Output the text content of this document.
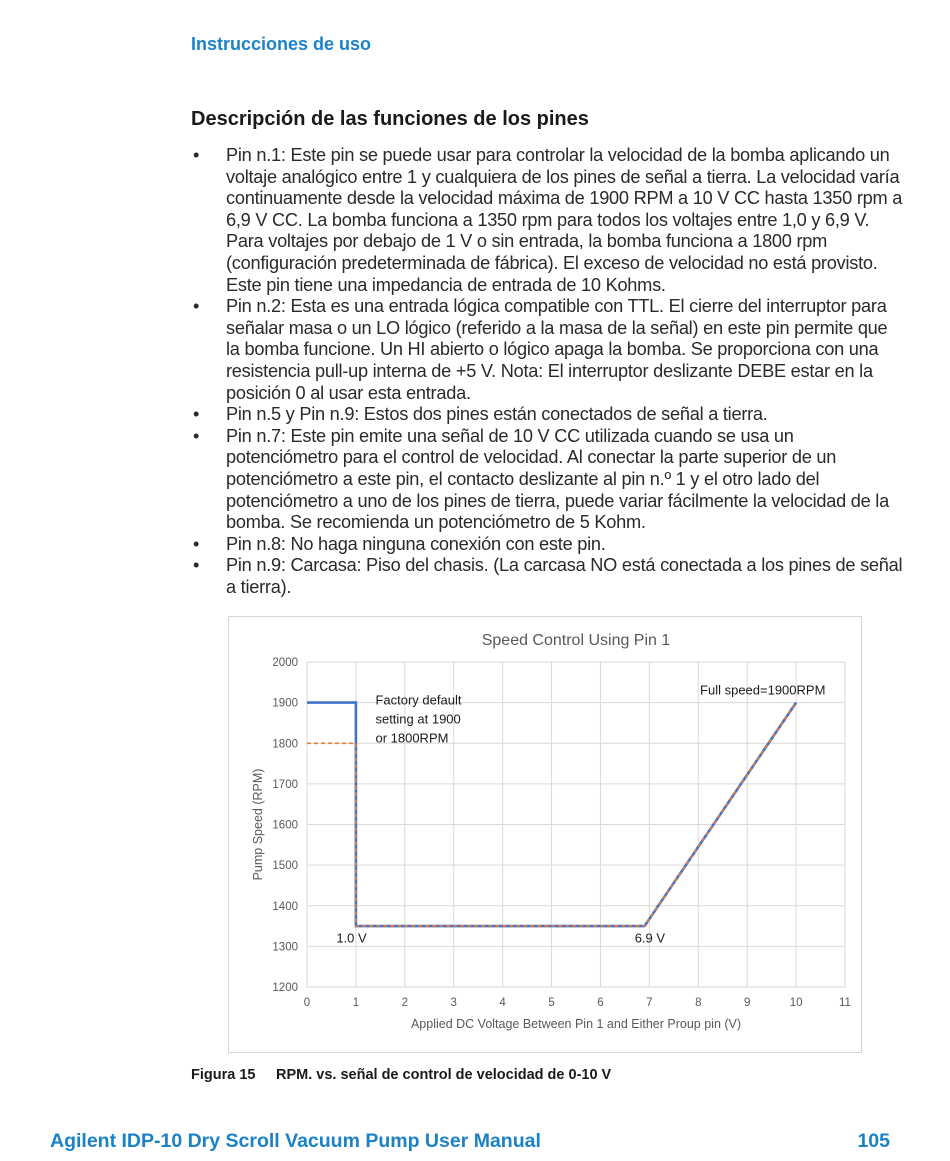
Instrucciones de uso
Descripción de las funciones de los pines
• Pin n.1: Este pin se puede usar para controlar la velocidad de la bomba aplicando un voltaje analógico entre 1 y cualquiera de los pines de señal a tierra. La velocidad varía continuamente desde la velocidad máxima de 1900 RPM a 10 V CC hasta 1350 rpm a 6,9 V CC. La bomba funciona a 1350 rpm para todos los voltajes entre 1,0 y 6,9 V. Para voltajes por debajo de 1 V o sin entrada, la bomba funciona a 1800 rpm (configuración predeterminada de fábrica). El exceso de velocidad no está provisto. Este pin tiene una impedancia de entrada de 10 Kohms.
• Pin n.2: Esta es una entrada lógica compatible con TTL. El cierre del interruptor para señalar masa o un LO lógico (referido a la masa de la señal) en este pin permite que la bomba funcione. Un HI abierto o lógico apaga la bomba. Se proporciona con una resistencia pull-up interna de +5 V. Nota: El interruptor deslizante DEBE estar en la posición 0 al usar esta entrada.
• Pin n.5 y Pin n.9: Estos dos pines están conectados de señal a tierra.
• Pin n.7: Este pin emite una señal de 10 V CC utilizada cuando se usa un potenciómetro para el control de velocidad. Al conectar la parte superior de un potenciómetro a este pin, el contacto deslizante al pin n.º 1 y el otro lado del potenciómetro a uno de los pines de tierra, puede variar fácilmente la velocidad de la bomba. Se recomienda un potenciómetro de 5 Kohm.
• Pin n.8: No haga ninguna conexión con este pin.
• Pin n.9: Carcasa: Piso del chasis. (La carcasa NO está conectada a los pines de señal a tierra).
0	1	2	3	4	5	6	7	8	9	10	11
1200
1300
1400
1500
1600
1700
1800
1900
2000
Speed Control Using Pin 1
Applied DC Voltage Between Pin 1 and Either Proup pin (V)
Pump Speed (RPM)
Factory default setting at 1900 or 1800RPM
Full speed=1900RPM
1.0 V	6.9 V
Figura 15 RPM. vs. señal de control de velocidad de 0-10 V
Agilent IDP-10 Dry Scroll Vacuum Pump User Manual	105
